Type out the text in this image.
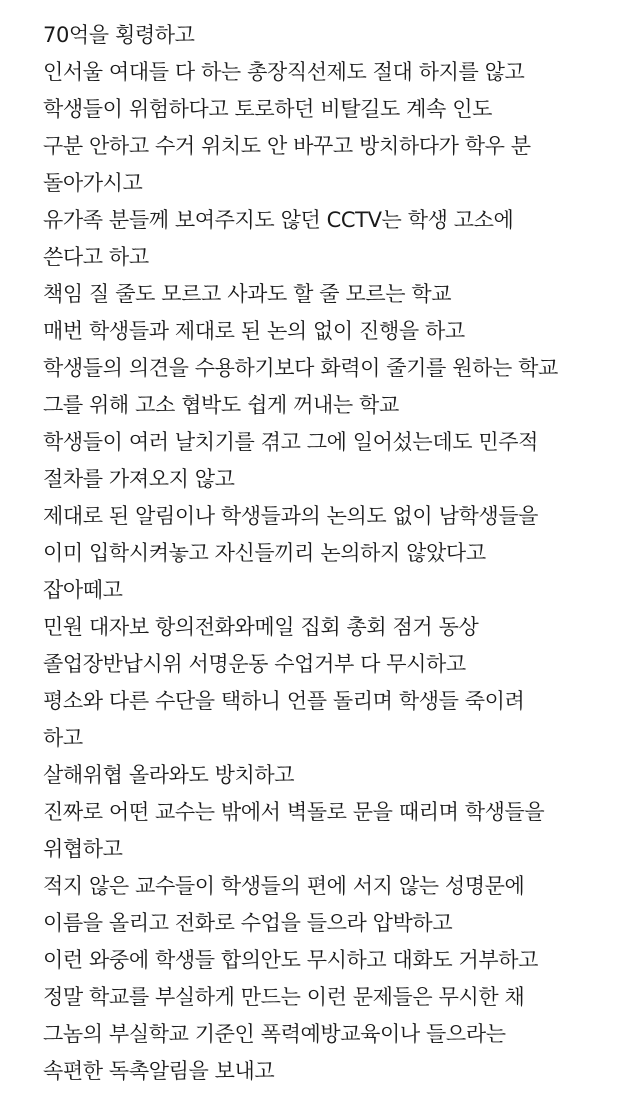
70억을 횡령하고
인서울 여대들 다 하는 총장직선제도 절대 하지를 않고
학생들이 위험하다고 토로하던 비탈길도 계속 인도
구분 안하고 수거 위치도 안 바꾸고 방치하다가 학우 분
돌아가시고
유가족 분들께 보여주지도 않던 CCTV는 학생 고소에
쓴다고 하고
책임 질 줄도 모르고 사과도 할 줄 모르는 학교
매번 학생들과 제대로 된 논의 없이 진행을 하고
학생들의 의견을 수용하기보다 화력이 줄기를 원하는 학교
그를 위해 고소 협박도 쉽게 꺼내는 학교
학생들이 여러 날치기를 겪고 그에 일어섰는데도 민주적
절차를 가져오지 않고
제대로 된 알림이나 학생들과의 논의도 없이 남학생들을
이미 입학시켜놓고 자신들끼리 논의하지 않았다고
잡아떼고
민원 대자보 항의전화와메일 집회 총회 점거 동상
졸업장반납시위 서명운동 수업거부 다 무시하고
평소와 다른 수단을 택하니 언플 돌리며 학생들 죽이려
하고
살해위협 올라와도 방치하고
진짜로 어떤 교수는 밖에서 벽돌로 문을 때리며 학생들을
위협하고
적지 않은 교수들이 학생들의 편에 서지 않는 성명문에
이름을 올리고 전화로 수업을 들으라 압박하고
이런 와중에 학생들 합의안도 무시하고 대화도 거부하고
정말 학교를 부실하게 만드는 이런 문제들은 무시한 채
그놈의 부실학교 기준인 폭력예방교육이나 들으라는
속편한 독촉알림을 보내고
